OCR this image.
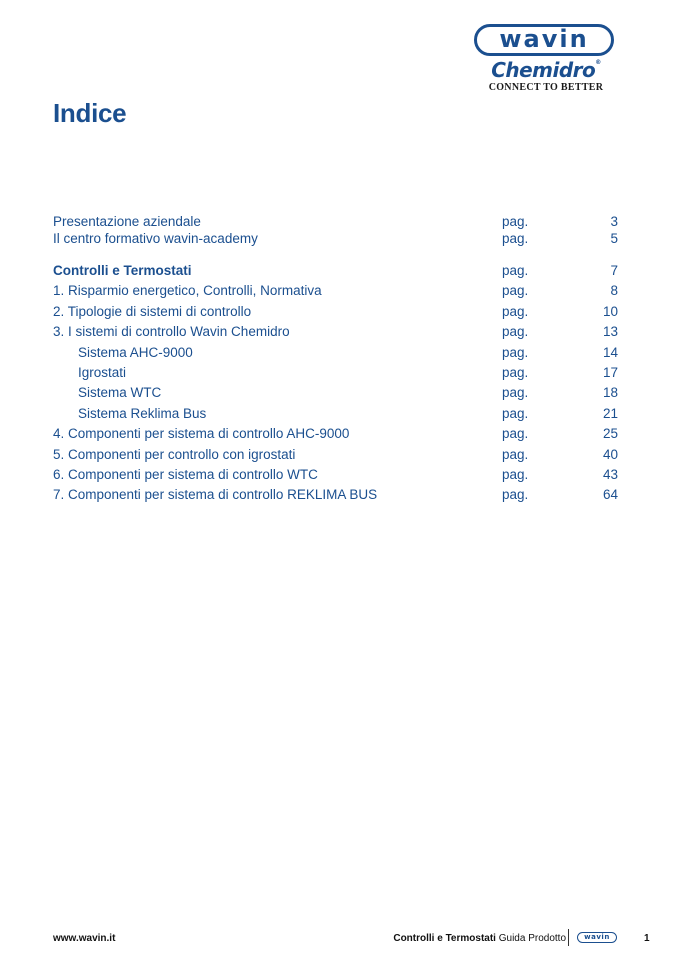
wavin
Chemidro®
CONNECT TO BETTER
Indice
Presentazione aziendale	pag.	3
Il centro formativo wavin-academy	pag.	5
Controlli e Termostati	pag.	7
1. Risparmio energetico, Controlli, Normativa	pag.	8
2. Tipologie di sistemi di controllo	pag.	10
3. I sistemi di controllo Wavin Chemidro	pag.	13
Sistema AHC-9000	pag.	14
Igrostati	pag.	17
Sistema WTC	pag.	18
Sistema Reklima Bus	pag.	21
4. Componenti per sistema di controllo AHC-9000	pag.	25
5. Componenti per controllo con igrostati	pag.	40
6. Componenti per sistema di controllo WTC	pag.	43
7. Componenti per sistema di controllo REKLIMA BUS	pag.	64
www.wavin.it	Controlli e Termostati Guida Prodotto	wavin	1
